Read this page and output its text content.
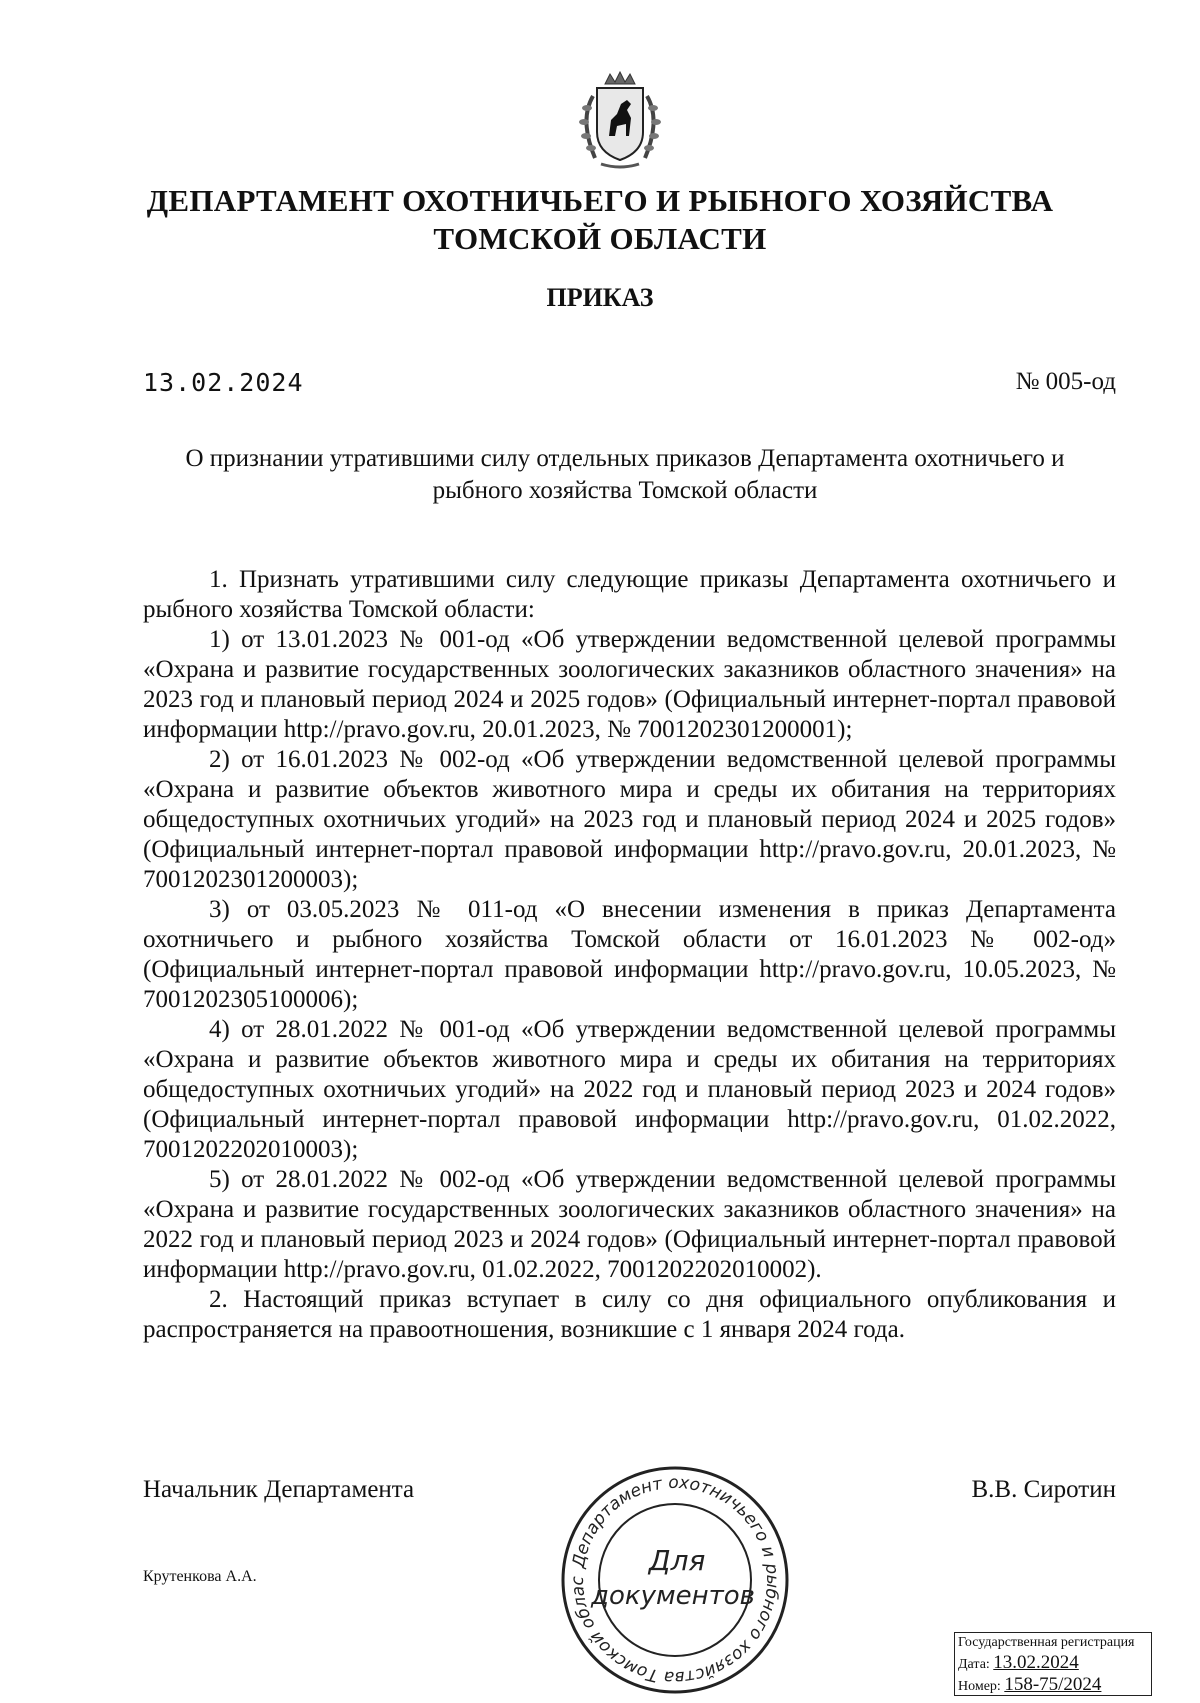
ДЕПАРТАМЕНТ ОХОТНИЧЬЕГО И РЫБНОГО ХОЗЯЙСТВА
ТОМСКОЙ ОБЛАСТИ
ПРИКАЗ
13.02.2024	№ 005-од
О признании утратившими силу отдельных приказов Департамента охотничьего и рыбного хозяйства Томской области

1. Признать утратившими силу следующие приказы Департамента охотничьего и рыбного хозяйства Томской области:

1) от 13.01.2023 № 001-од «Об утверждении ведомственной целевой программы «Охрана и развитие государственных зоологических заказников областного значения» на 2023 год и плановый период 2024 и 2025 годов» (Официальный интернет-портал правовой информации http://pravo.gov.ru, 20.01.2023, № 7001202301200001);

2) от 16.01.2023 № 002-од «Об утверждении ведомственной целевой программы «Охрана и развитие объектов животного мира и среды их обитания на территориях общедоступных охотничьих угодий» на 2023 год и плановый период 2024 и 2025 годов» (Официальный интернет-портал правовой информации http://pravo.gov.ru, 20.01.2023, № 7001202301200003);

3) от 03.05.2023 № 011-од «О внесении изменения в приказ Департамента охотничьего и рыбного хозяйства Томской области от 16.01.2023 № 002-од» (Официальный интернет-портал правовой информации http://pravo.gov.ru, 10.05.2023, № 7001202305100006);

4) от 28.01.2022 № 001-од «Об утверждении ведомственной целевой программы «Охрана и развитие объектов животного мира и среды их обитания на территориях общедоступных охотничьих угодий» на 2022 год и плановый период 2023 и 2024 годов» (Официальный интернет-портал правовой информации http://pravo.gov.ru, 01.02.2022, 7001202202010003);

5) от 28.01.2022 № 002-од «Об утверждении ведомственной целевой программы «Охрана и развитие государственных зоологических заказников областного значения» на 2022 год и плановый период 2023 и 2024 годов» (Официальный интернет-портал правовой информации http://pravo.gov.ru, 01.02.2022, 7001202202010002).

2. Настоящий приказ вступает в силу со дня официального опубликования и распространяется на правоотношения, возникшие с 1 января 2024 года.

Начальник Департамента	В.В. Сиротин
Крутенкова А.А.
Департамент охотничьего и рыбного хозяйства Томской облас
Для
документов
Государственная регистрация
Дата: 13.02.2024
Номер: 158-75/2024
